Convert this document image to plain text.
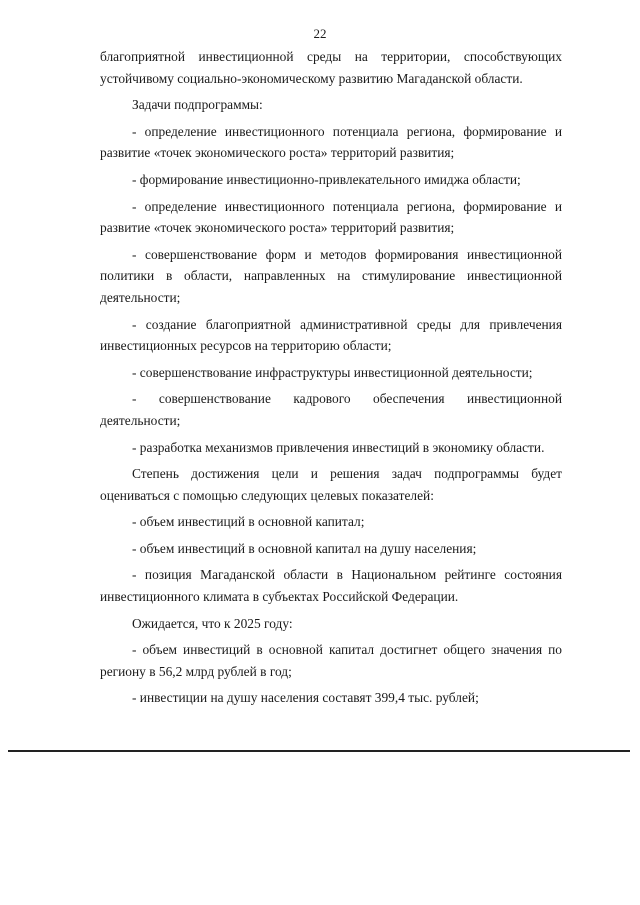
22

благоприятной инвестиционной среды на территории, способствующих устойчивому социально-экономическому развитию Магаданской области.

Задачи подпрограммы:

- определение инвестиционного потенциала региона, формирование и развитие «точек экономического роста» территорий развития;

- формирование инвестиционно-привлекательного имиджа области;

- определение инвестиционного потенциала региона, формирование и развитие «точек экономического роста» территорий развития;

- совершенствование форм и методов формирования инвестиционной политики в области, направленных на стимулирование инвестиционной деятельности;

- создание благоприятной административной среды для привлечения инвестиционных ресурсов на территорию области;

- совершенствование инфраструктуры инвестиционной деятельности;

- совершенствование кадрового обеспечения инвестиционной деятельности;

- разработка механизмов привлечения инвестиций в экономику области.

Степень достижения цели и решения задач подпрограммы будет оцениваться с помощью следующих целевых показателей:

- объем инвестиций в основной капитал;

- объем инвестиций в основной капитал на душу населения;

- позиция Магаданской области в Национальном рейтинге состояния инвестиционного климата в субъектах Российской Федерации.

Ожидается, что к 2025 году:

- объем инвестиций в основной капитал достигнет общего значения по региону в 56,2 млрд рублей в год;

- инвестиции на душу населения составят 399,4 тыс. рублей;
